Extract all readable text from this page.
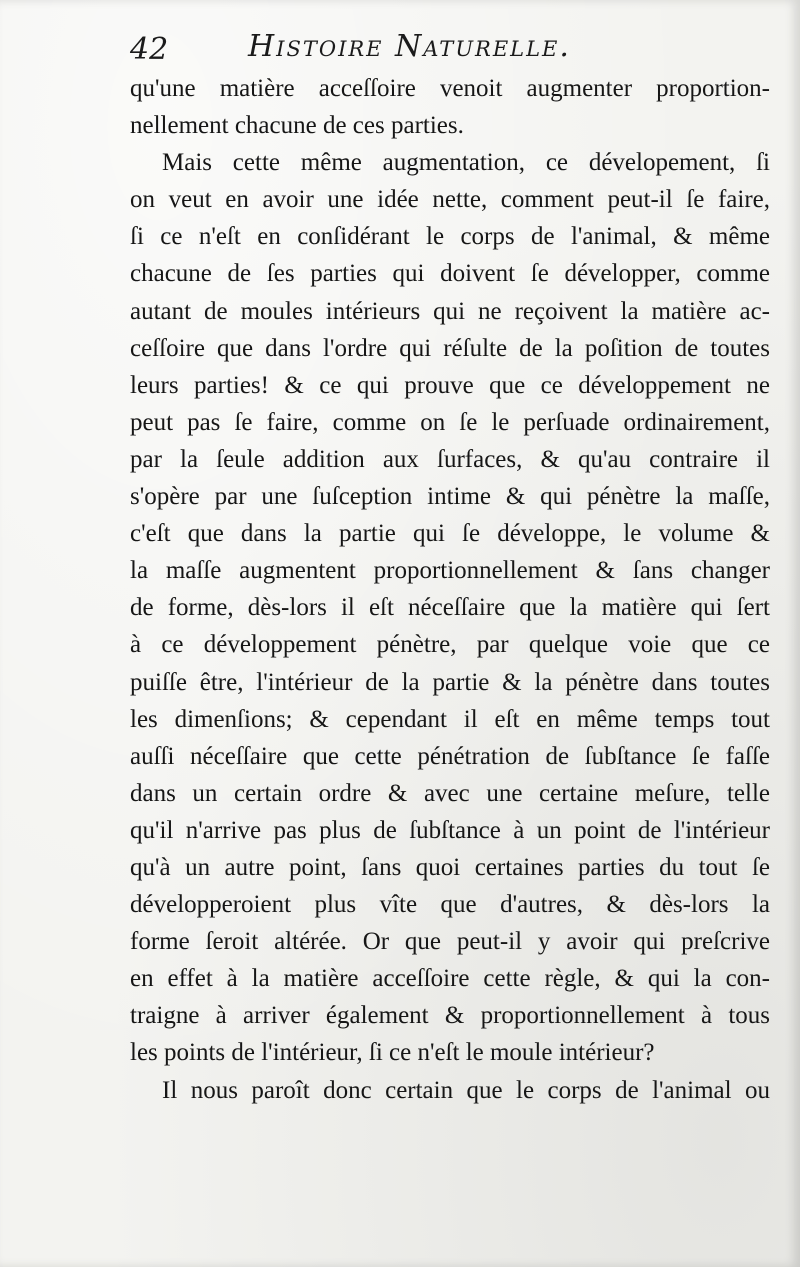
42	Histoire Naturelle.
qu'une matière acceſſoire venoit augmenter proportion-
nellement chacune de ces parties.
Mais cette même augmentation, ce dévelopement, ſi
on veut en avoir une idée nette, comment peut-il ſe faire,
ſi ce n'eſt en conſidérant le corps de l'animal, & même
chacune de ſes parties qui doivent ſe développer, comme
autant de moules intérieurs qui ne reçoivent la matière ac-
ceſſoire que dans l'ordre qui réſulte de la poſition de toutes
leurs parties! & ce qui prouve que ce développement ne
peut pas ſe faire, comme on ſe le perſuade ordinairement,
par la ſeule addition aux ſurfaces, & qu'au contraire il
s'opère par une ſuſception intime & qui pénètre la maſſe,
c'eſt que dans la partie qui ſe développe, le volume &
la maſſe augmentent proportionnellement & ſans changer
de forme, dès-lors il eſt néceſſaire que la matière qui ſert
à ce développement pénètre, par quelque voie que ce
puiſſe être, l'intérieur de la partie & la pénètre dans toutes
les dimenſions; & cependant il eſt en même temps tout
auſſi néceſſaire que cette pénétration de ſubſtance ſe faſſe
dans un certain ordre & avec une certaine meſure, telle
qu'il n'arrive pas plus de ſubſtance à un point de l'intérieur
qu'à un autre point, ſans quoi certaines parties du tout ſe
développeroient plus vîte que d'autres, & dès-lors la
forme ſeroit altérée. Or que peut-il y avoir qui preſcrive
en effet à la matière acceſſoire cette règle, & qui la con-
traigne à arriver également & proportionnellement à tous
les points de l'intérieur, ſi ce n'eſt le moule intérieur?
Il nous paroît donc certain que le corps de l'animal ou
